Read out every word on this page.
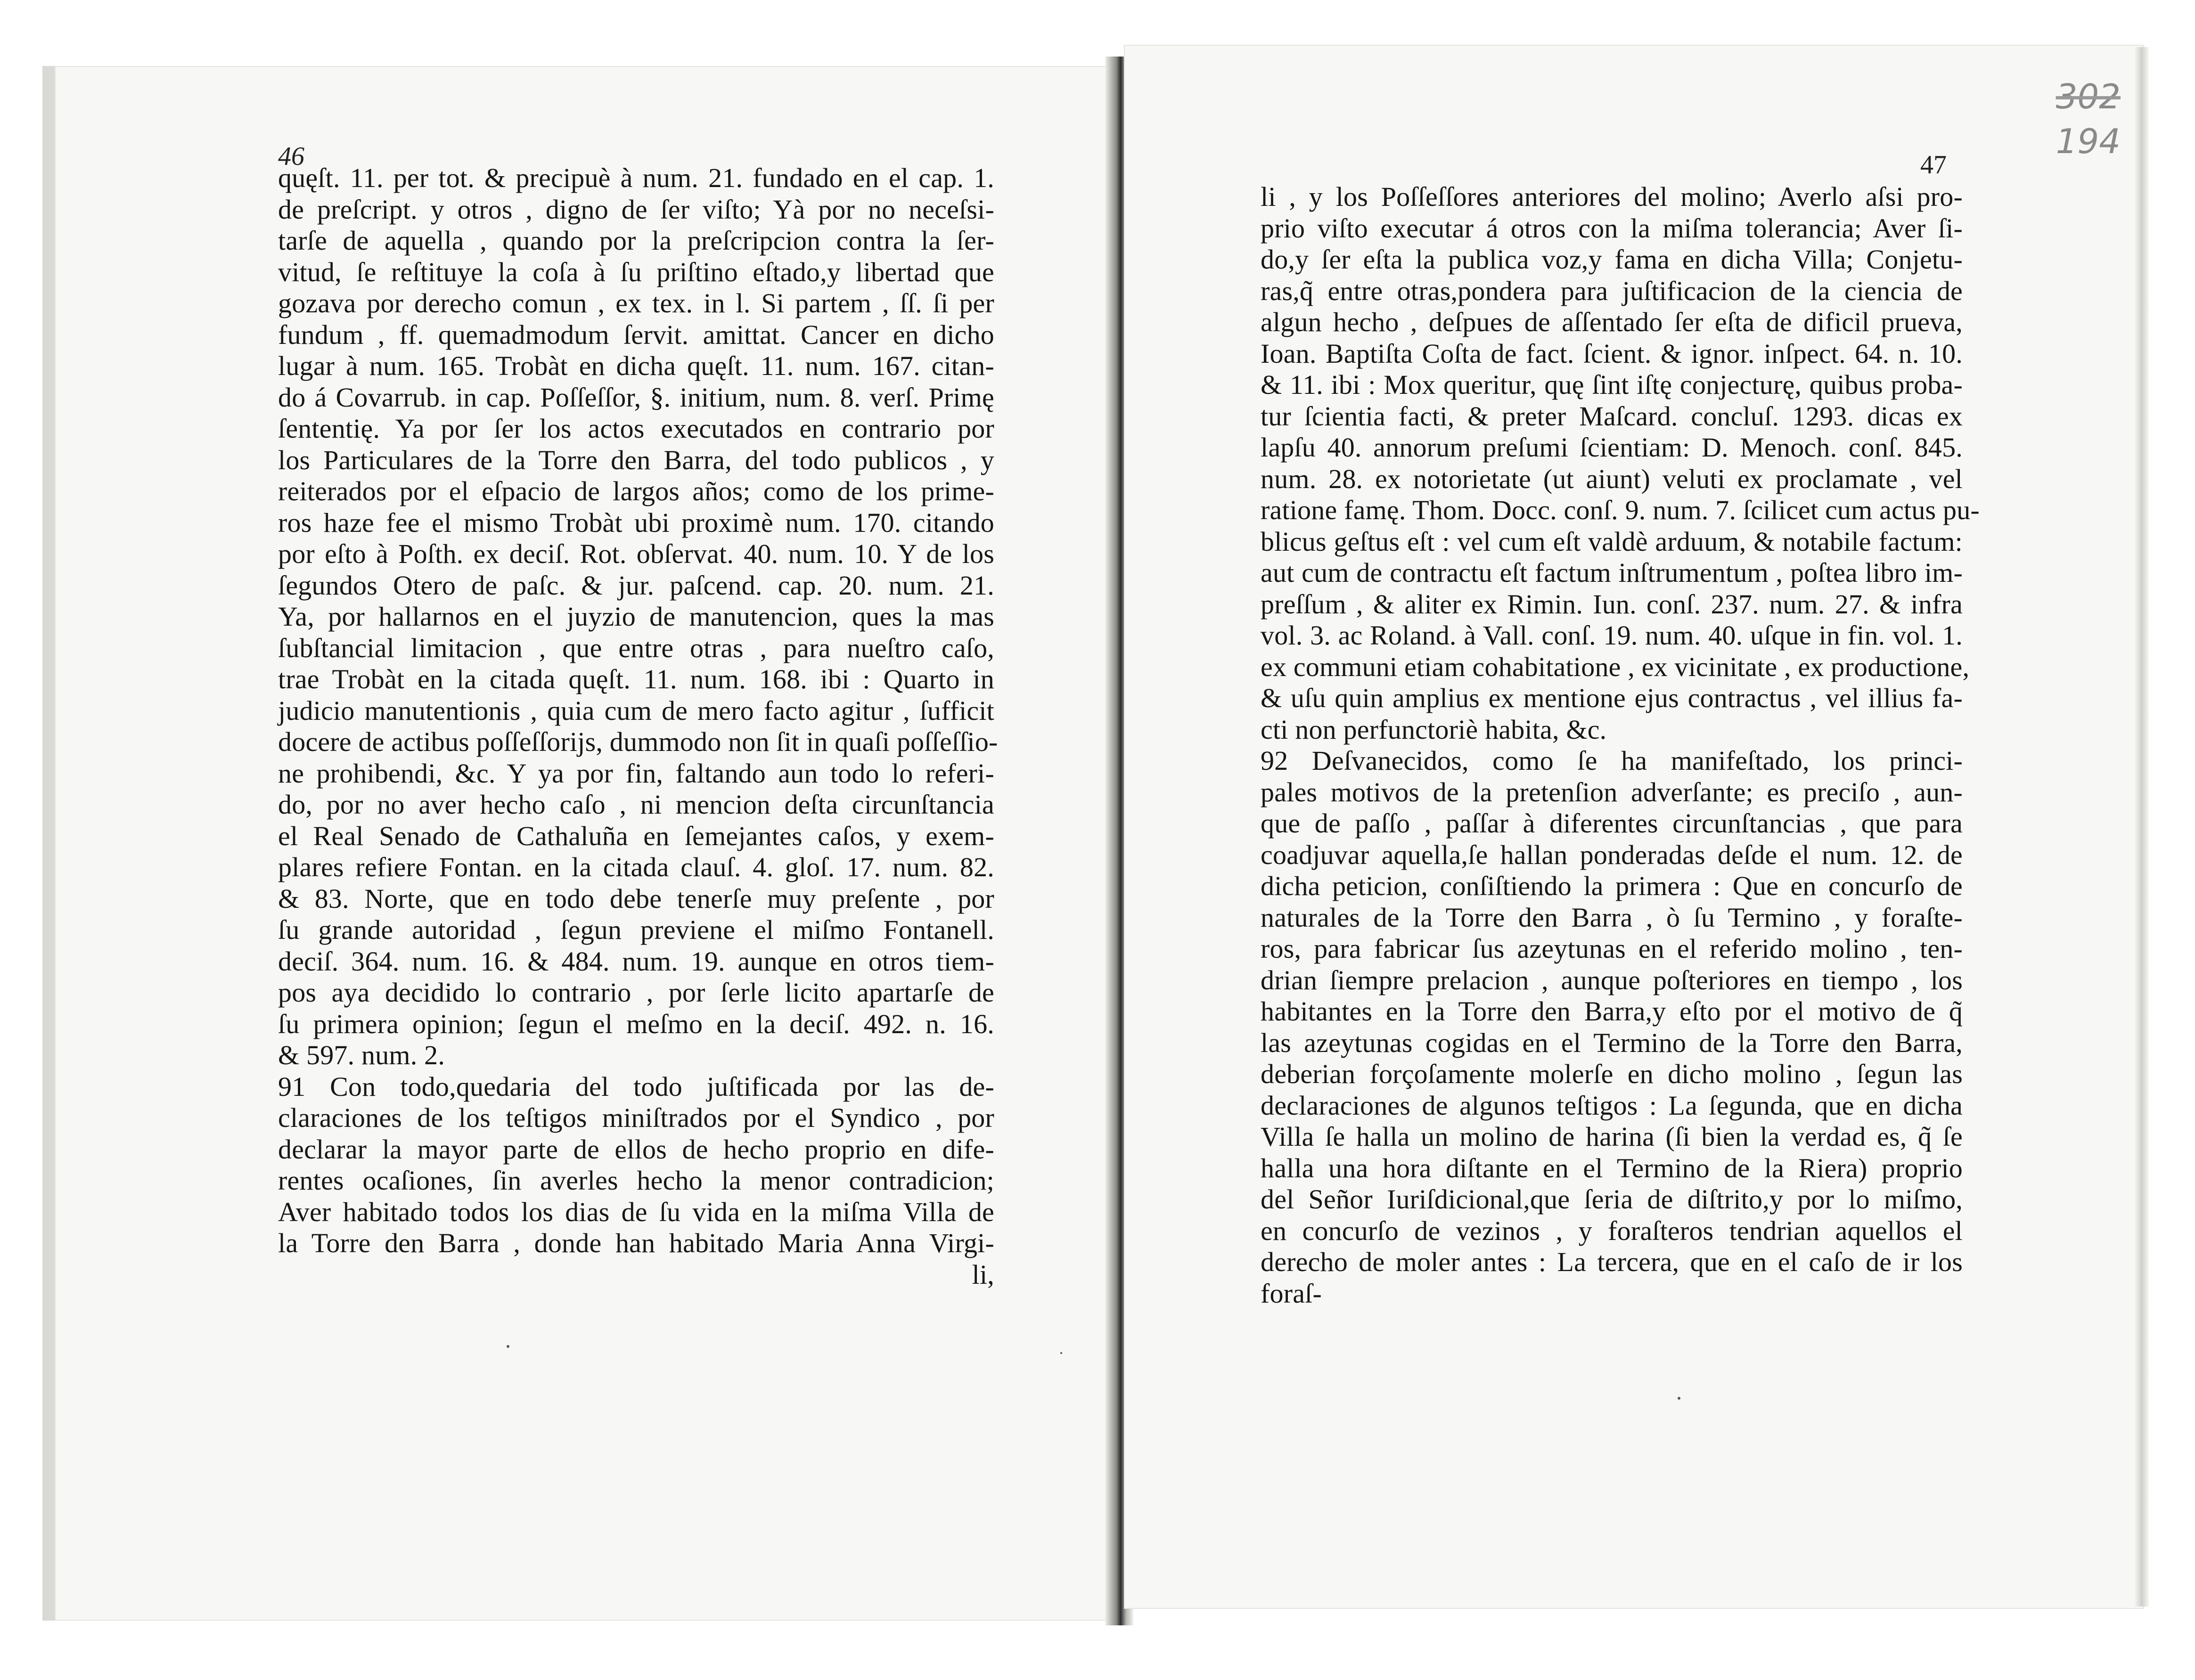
46	47
302
194
quęſt. 11. per tot. & precipuè à num. 21. fundado en el cap. 1.
de preſcript. y otros , digno de ſer viſto; Yà por no neceſsi-
tarſe de aquella , quando por la preſcripcion contra la ſer-
vitud, ſe reſtituye la coſa à ſu priſtino eſtado,y libertad que
gozava por derecho comun , ex tex. in l. Si partem , ſſ. ſi per
fundum , ff. quemadmodum ſervit. amittat. Cancer en dicho
lugar à num. 165. Trobàt en dicha quęſt. 11. num. 167. citan-
do á Covarrub. in cap. Poſſeſſor, §. initium, num. 8. verſ. Primę
ſententię. Ya por ſer los actos executados en contrario por
los Particulares de la Torre den Barra, del todo publicos , y
reiterados por el eſpacio de largos años; como de los prime-
ros haze fee el mismo Trobàt ubi proximè num. 170. citando
por eſto à Poſth. ex deciſ. Rot. obſervat. 40. num. 10. Y de los
ſegundos Otero de paſc. & jur. paſcend. cap. 20. num. 21.
Ya, por hallarnos en el juyzio de manutencion, ques la mas
ſubſtancial limitacion , que entre otras , para nueſtro caſo,
trae Trobàt en la citada quęſt. 11. num. 168. ibi : Quarto in
judicio manutentionis , quia cum de mero facto agitur , ſufficit
docere de actibus poſſeſſorijs, dummodo non ſit in quaſi poſſeſſio-
ne prohibendi, &c. Y ya por fin, faltando aun todo lo referi-
do, por no aver hecho caſo , ni mencion deſta circunſtancia
el Real Senado de Cathaluña en ſemejantes caſos, y exem-
plares refiere Fontan. en la citada clauſ. 4. gloſ. 17. num. 82.
& 83. Norte, que en todo debe tenerſe muy preſente , por
ſu grande autoridad , ſegun previene el miſmo Fontanell.
deciſ. 364. num. 16. & 484. num. 19. aunque en otros tiem-
pos aya decidido lo contrario , por ſerle licito apartarſe de
ſu primera opinion; ſegun el meſmo en la deciſ. 492. n. 16.
& 597. num. 2.
91 Con todo,quedaria del todo juſtificada por las de-
claraciones de los teſtigos miniſtrados por el Syndico , por
declarar la mayor parte de ellos de hecho proprio en dife-
rentes ocaſiones, ſin averles hecho la menor contradicion;
Aver habitado todos los dias de ſu vida en la miſma Villa de
la Torre den Barra , donde han habitado Maria Anna Virgi-
li,
li , y los Poſſeſſores anteriores del molino; Averlo aſsi pro-
prio viſto executar á otros con la miſma tolerancia; Aver ſi-
do,y ſer eſta la publica voz,y fama en dicha Villa; Conjetu-
ras,q̃ entre otras,pondera para juſtificacion de la ciencia de
algun hecho , deſpues de aſſentado ſer eſta de dificil prueva,
Ioan. Baptiſta Coſta de fact. ſcient. & ignor. inſpect. 64. n. 10.
& 11. ibi : Mox queritur, quę ſint iſtę conjecturę, quibus proba-
tur ſcientia facti, & preter Maſcard. concluſ. 1293. dicas ex
lapſu 40. annorum preſumi ſcientiam: D. Menoch. conſ. 845.
num. 28. ex notorietate (ut aiunt) veluti ex proclamate , vel
ratione famę. Thom. Docc. conſ. 9. num. 7. ſcilicet cum actus pu-
blicus geſtus eſt : vel cum eſt valdè arduum, & notabile factum:
aut cum de contractu eſt factum inſtrumentum , poſtea libro im-
preſſum , & aliter ex Rimin. Iun. conſ. 237. num. 27. & infra
vol. 3. ac Roland. à Vall. conſ. 19. num. 40. uſque in fin. vol. 1.
ex communi etiam cohabitatione , ex vicinitate , ex productione,
& uſu quin amplius ex mentione ejus contractus , vel illius fa-
cti non perfunctoriè habita, &c.
92 Deſvanecidos, como ſe ha manifeſtado, los princi-
pales motivos de la pretenſion adverſante; es preciſo , aun-
que de paſſo , paſſar à diferentes circunſtancias , que para
coadjuvar aquella,ſe hallan ponderadas deſde el num. 12. de
dicha peticion, conſiſtiendo la primera : Que en concurſo de
naturales de la Torre den Barra , ò ſu Termino , y foraſte-
ros, para fabricar ſus azeytunas en el referido molino , ten-
drian ſiempre prelacion , aunque poſteriores en tiempo , los
habitantes en la Torre den Barra,y eſto por el motivo de q̃
las azeytunas cogidas en el Termino de la Torre den Barra,
deberian forçoſamente molerſe en dicho molino , ſegun las
declaraciones de algunos teſtigos : La ſegunda, que en dicha
Villa ſe halla un molino de harina (ſi bien la verdad es, q̃ ſe
halla una hora diſtante en el Termino de la Riera) proprio
del Señor Iuriſdicional,que ſeria de diſtrito,y por lo miſmo,
en concurſo de vezinos , y foraſteros tendrian aquellos el
derecho de moler antes : La tercera, que en el caſo de ir los
foraſ-
